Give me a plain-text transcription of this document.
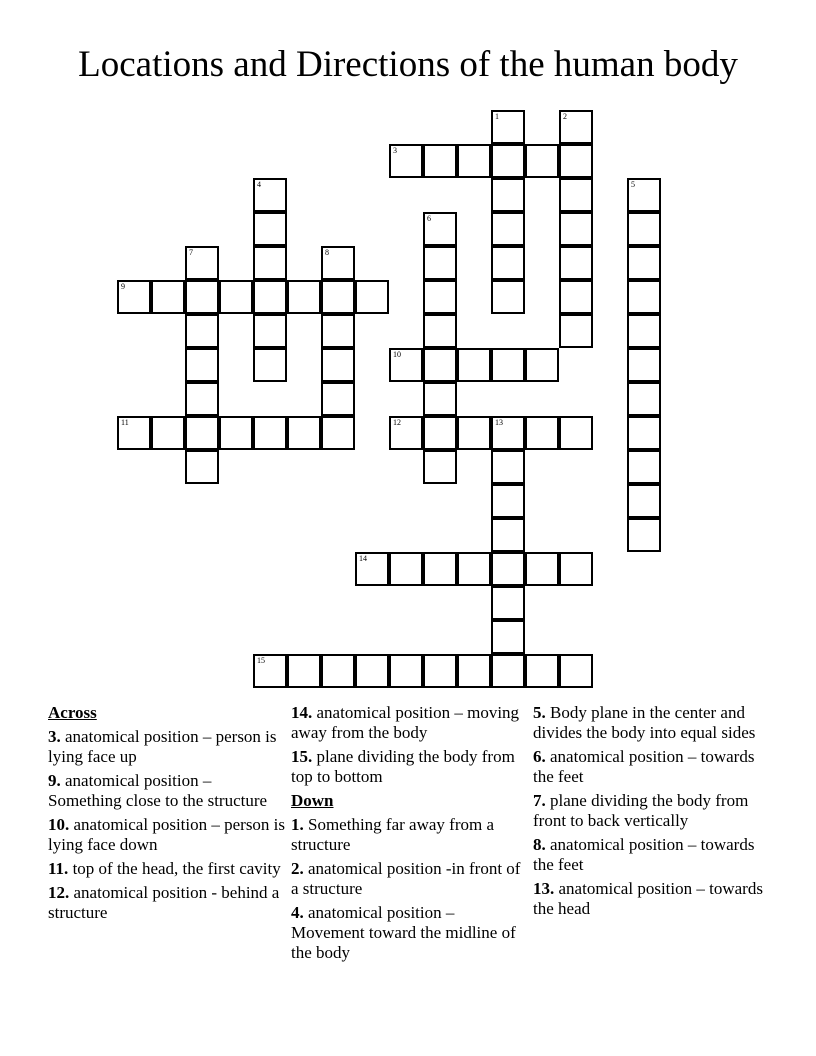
Locations and Directions of the human body
1	2
3
4	5
6
7	8
9
10
11	12	13
14
15
Across
3. anatomical position – person is lying face up
9. anatomical position – Something close to the structure
10. anatomical position – person is lying face down
11. top of the head, the first cavity
12. anatomical position - behind a structure
14. anatomical position – moving away from the body
15. plane dividing the body from top to bottom
Down
1. Something far away from a structure
2. anatomical position -in front of a structure
4. anatomical position – Movement toward the midline of the body
5. Body plane in the center and divides the body into equal sides
6. anatomical position – towards the feet
7. plane dividing the body from front to back vertically
8. anatomical position – towards the feet
13. anatomical position – towards the head
